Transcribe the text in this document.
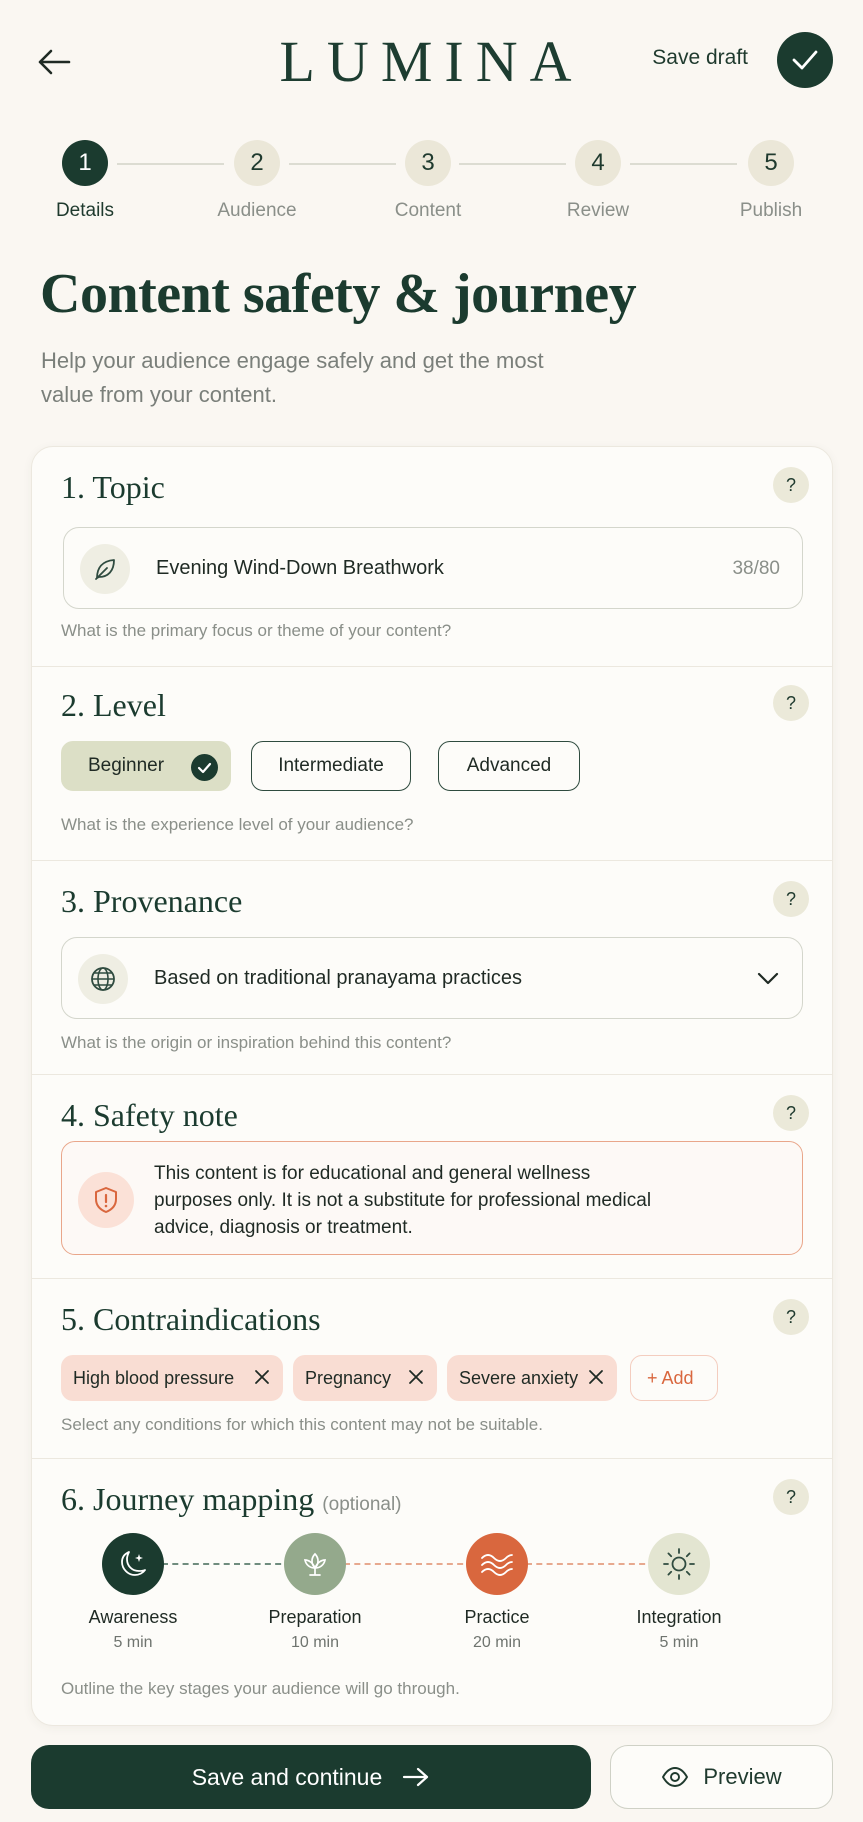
LUMINA	Save draft
1
Details
2
Audience
3
Content
4
Review
5
Publish
Content safety & journey

Help your audience engage safely and get the most value from your content.

1. Topic	?
Evening Wind-Down Breathwork	38/80
What is the primary focus or theme of your content?
2. Level	?
Beginner	Intermediate	Advanced
What is the experience level of your audience?
3. Provenance	?
Based on traditional pranayama practices
What is the origin or inspiration behind this content?
4. Safety note	?
This content is for educational and general wellness purposes only. It is not a substitute for professional medical advice, diagnosis or treatment.
5. Contraindications	?
High blood pressure	Pregnancy	Severe anxiety	+ Add
Select any conditions for which this content may not be suitable.
6. Journey mapping (optional)	?
Awareness
5 min
Preparation
10 min
Practice
20 min
Integration
5 min
Outline the key stages your audience will go through.
Save and continue	Preview
